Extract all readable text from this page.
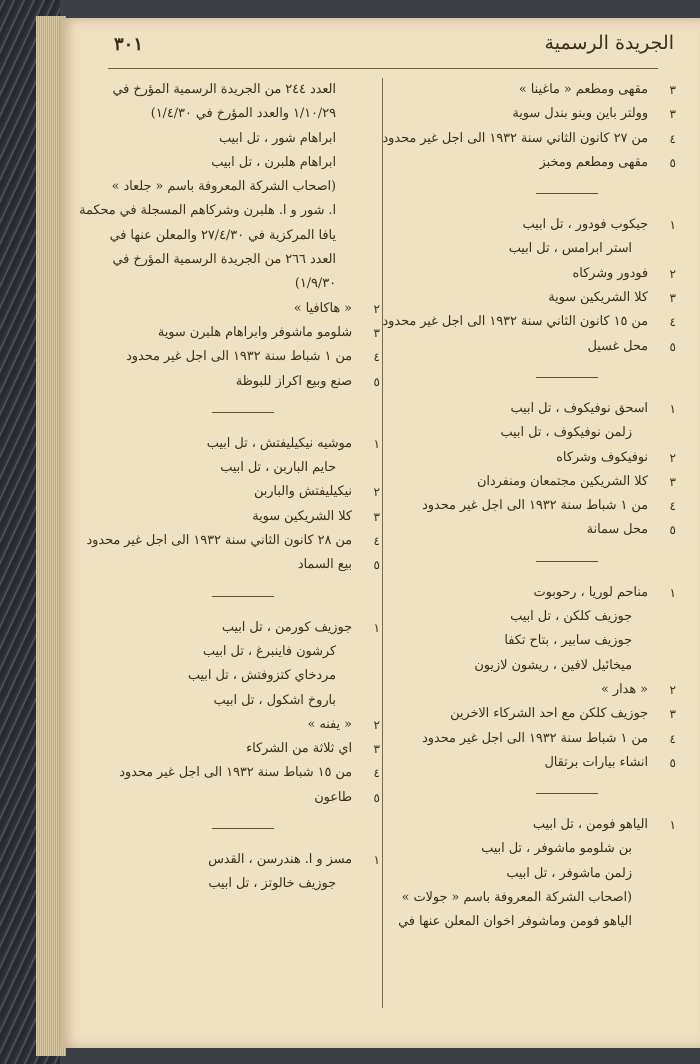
٣٠١	الجريدة الرسمية
٣
مقهى ومطعم « ماغينا »
٣
وولتر باين وبنو بندل سوية
٤
من ٢٧ كانون الثاني سنة ١٩٣٢ الى اجل غير محدود
٥
مقهى ومطعم ومخبز
١
جيكوب فودور ، تل ابيب
استر ابرامس ، تل ابيب
٢
فودور وشركاه
٣
كلا الشريكين سوية
٤
من ١٥ كانون الثاني سنة ١٩٣٢ الى اجل غير محدود
٥
محل غسيل
١
اسحق نوفيكوف ، تل ابيب
زلمن نوفيكوف ، تل ابيب
٢
نوفيكوف وشركاه
٣
كلا الشريكين مجتمعان ومنفردان
٤
من ١ شباط سنة ١٩٣٢ الى اجل غير محدود
٥
محل سمانة
١
مناحم لوريا ، رحوبوت
جوزيف كلكن ، تل ابيب
جوزيف سابير ، بتاح تكفا
ميخائيل لافين ، ريشون لازيون
٢
« هدار »
٣
جوزيف كلكن مع احد الشركاء الاخرين
٤
من ١ شباط سنة ١٩٣٢ الى اجل غير محدود
٥
انشاء بيارات برتقال
١
الياهو فومن ، تل ابيب
بن شلومو ماشوفر ، تل ابيب
زلمن ماشوفر ، تل ابيب
(اصحاب الشركة المعروفة باسم « جولات »
الياهو فومن وماشوفر اخوان المعلن عنها في
العدد ٢٤٤ من الجريدة الرسمية المؤرخ في
١/١٠/٢٩ والعدد المؤرخ في ١/٤/٣٠)
ابراهام شور ، تل ابيب
ابراهام هلبرن ، تل ابيب
(اصحاب الشركة المعروفة باسم « جلعاد »
ا. شور و ا. هلبرن وشركاهم المسجلة في محكمة
يافا المركزية في ٢٧/٤/٣٠ والمعلن عنها في
العدد ٢٦٦ من الجريدة الرسمية المؤرخ في
١/٩/٣٠)
٢
« هاكافيا »
٣
شلومو ماشوفر وابراهام هلبرن سوية
٤
من ١ شباط سنة ١٩٣٢ الى اجل غير محدود
٥
صنع وبيع اكراز للبوظة
١
موشيه نيكيليفتش ، تل ابيب
حايم الباربن ، تل ابيب
٢
نيكيليفتش والباربن
٣
كلا الشريكين سوية
٤
من ٢٨ كانون الثاني سنة ١٩٣٢ الى اجل غير محدود
٥
بيع السماد
١
جوزيف كورمن ، تل ابيب
كرشون فاينبرغ ، تل ابيب
مردخاي كتزوفتش ، تل ابيب
باروخ اشكول ، تل ابيب
٢
« يفنه »
٣
اي ثلاثة من الشركاء
٤
من ١٥ شباط سنة ١٩٣٢ الى اجل غير محدود
٥
طاعون
١
مسز و ا. هندرسن ، القدس
جوزيف خالوتز ، تل ابيب
